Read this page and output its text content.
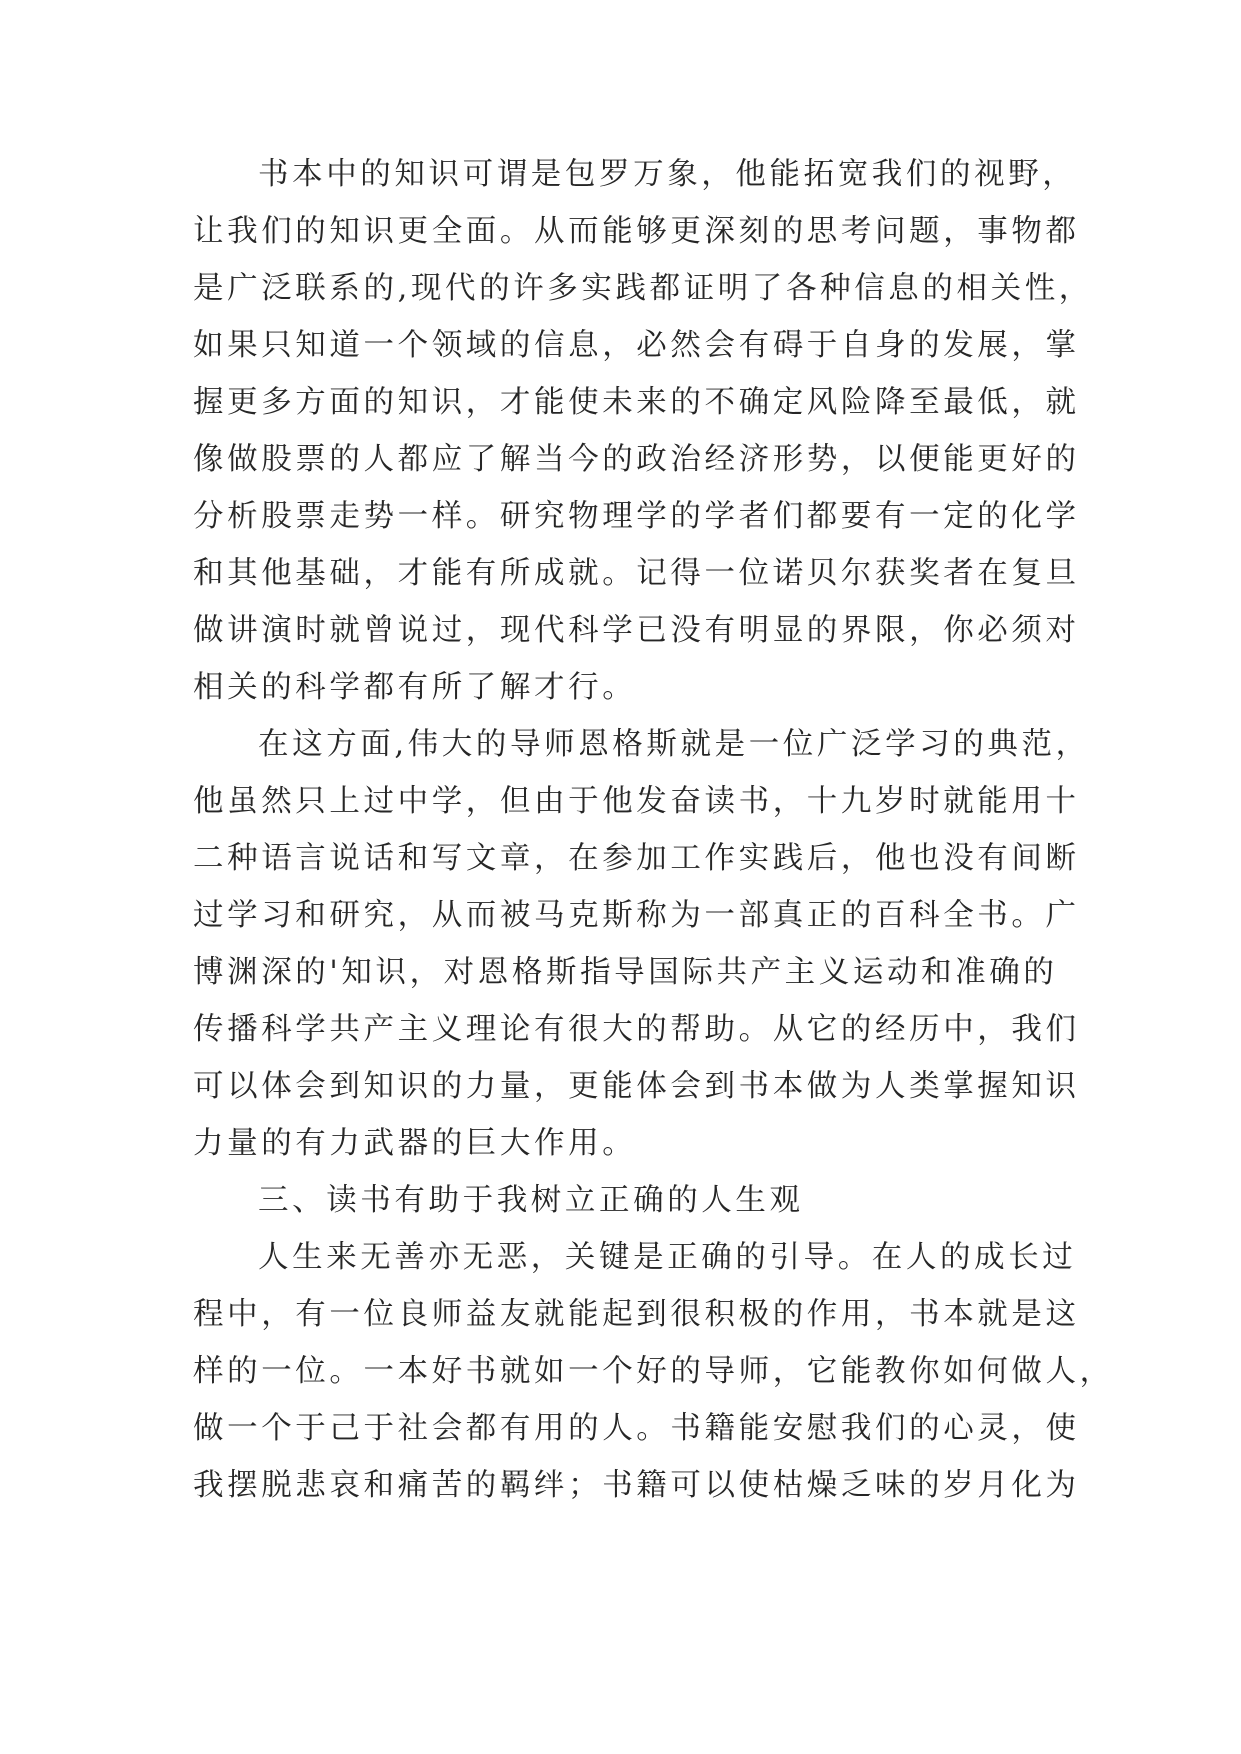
书本中的知识可谓是包罗万象，他能拓宽我们的视野，

让我们的知识更全面。从而能够更深刻的思考问题，事物都

是广泛联系的,现代的许多实践都证明了各种信息的相关性，

如果只知道一个领域的信息，必然会有碍于自身的发展，掌

握更多方面的知识，才能使未来的不确定风险降至最低，就

像做股票的人都应了解当今的政治经济形势，以便能更好的

分析股票走势一样。研究物理学的学者们都要有一定的化学

和其他基础，才能有所成就。记得一位诺贝尔获奖者在复旦

做讲演时就曾说过，现代科学已没有明显的界限，你必须对

相关的科学都有所了解才行。

在这方面,伟大的导师恩格斯就是一位广泛学习的典范，

他虽然只上过中学，但由于他发奋读书，十九岁时就能用十

二种语言说话和写文章，在参加工作实践后，他也没有间断

过学习和研究，从而被马克斯称为一部真正的百科全书。广

博渊深的'知识，对恩格斯指导国际共产主义运动和准确的

传播科学共产主义理论有很大的帮助。从它的经历中，我们

可以体会到知识的力量，更能体会到书本做为人类掌握知识

力量的有力武器的巨大作用。

三、读书有助于我树立正确的人生观

人生来无善亦无恶，关键是正确的引导。在人的成长过

程中，有一位良师益友就能起到很积极的作用，书本就是这

样的一位。一本好书就如一个好的导师，它能教你如何做人，

做一个于己于社会都有用的人。书籍能安慰我们的心灵，使

我摆脱悲哀和痛苦的羁绊；书籍可以使枯燥乏味的岁月化为
